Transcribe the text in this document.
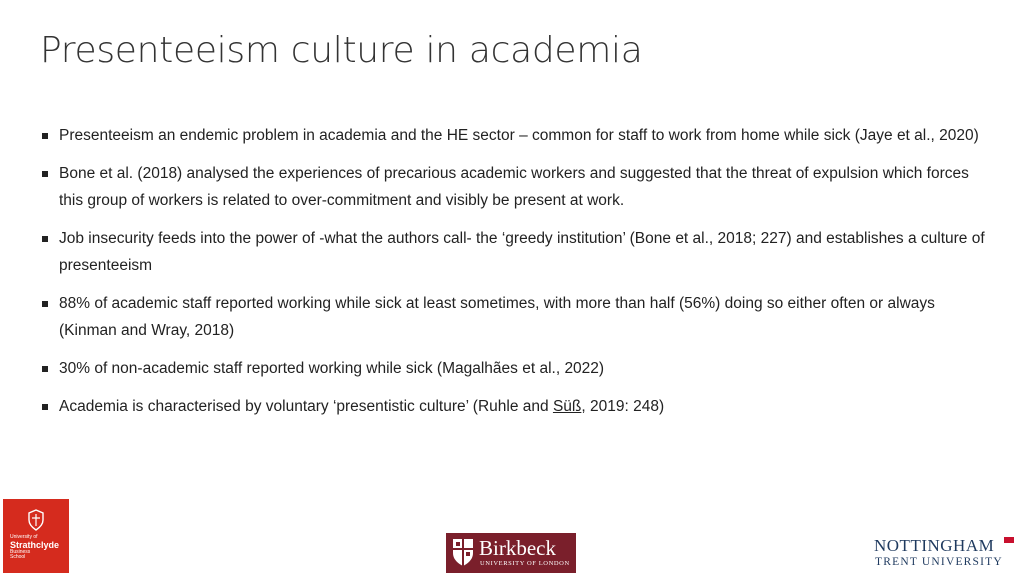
Presenteeism culture in academia
Presenteeism an endemic problem in academia and the HE sector – common for staff to work from home while sick (Jaye et al., 2020)
Bone et al. (2018) analysed the experiences of precarious academic workers and suggested that the threat of expulsion which forces this group of workers is related to over-commitment and visibly be present at work.
Job insecurity feeds into the power of -what the authors call- the ‘greedy institution’ (Bone et al., 2018; 227) and establishes a culture of presenteeism
88% of academic staff reported working while sick at least sometimes, with more than half (56%) doing so either often or always (Kinman and Wray, 2018)
30% of non-academic staff reported working while sick (Magalhães et al., 2022)
Academia is characterised by voluntary ‘presentistic culture’ (Ruhle and Süß, 2019: 248)
University of
Strathclyde
Business
School	Birkbeck
UNIVERSITY OF LONDON
NOTTINGHAM
TRENT UNIVERSITY
